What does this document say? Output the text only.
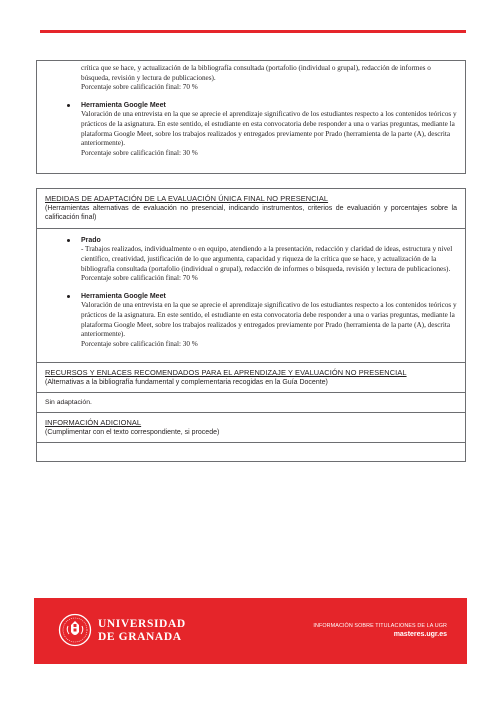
crítica que se hace, y actualización de la bibliografía consultada (portafolio (individual o grupal), redacción de informes o búsqueda, revisión y lectura de publicaciones).

Porcentaje sobre calificación final: 70 %

Herramienta Google Meet

Valoración de una entrevista en la que se aprecie el aprendizaje significativo de los estudiantes respecto a los contenidos teóricos y prácticos de la asignatura. En este sentido, el estudiante en esta convocatoria debe responder a una o varias preguntas, mediante la plataforma Google Meet, sobre los trabajos realizados y entregados previamente por Prado (herramienta de la parte (A), descrita anteriormente).

Porcentaje sobre calificación final: 30 %

MEDIDAS DE ADAPTACIÓN DE LA EVALUACIÓN ÚNICA FINAL NO PRESENCIAL

(Herramientas alternativas de evaluación no presencial, indicando instrumentos, criterios de evaluación y porcentajes sobre la calificación final)

Prado

- Trabajos realizados, individualmente o en equipo, atendiendo a la presentación, redacción y claridad de ideas, estructura y nivel científico, creatividad, justificación de lo que argumenta, capacidad y riqueza de la crítica que se hace, y actualización de la bibliografía consultada (portafolio (individual o grupal), redacción de informes o búsqueda, revisión y lectura de publicaciones).

Porcentaje sobre calificación final: 70 %

Herramienta Google Meet

Valoración de una entrevista en la que se aprecie el aprendizaje significativo de los estudiantes respecto a los contenidos teóricos y prácticos de la asignatura. En este sentido, el estudiante en esta convocatoria debe responder a una o varias preguntas, mediante la plataforma Google Meet, sobre los trabajos realizados y entregados previamente por Prado (herramienta de la parte (A), descrita anteriormente).

Porcentaje sobre calificación final: 30 %

RECURSOS Y ENLACES RECOMENDADOS PARA EL APRENDIZAJE Y EVALUACIÓN NO PRESENCIAL

(Alternativas a la bibliografía fundamental y complementaria recogidas en la Guía Docente)

Sin adaptación.

INFORMACIÓN ADICIONAL

(Cumplimentar con el texto correspondiente, si procede)

UNIVERSIDAD
DE GRANADA

INFORMACIÓN SOBRE TITULACIONES DE LA UGR

masteres.ugr.es
